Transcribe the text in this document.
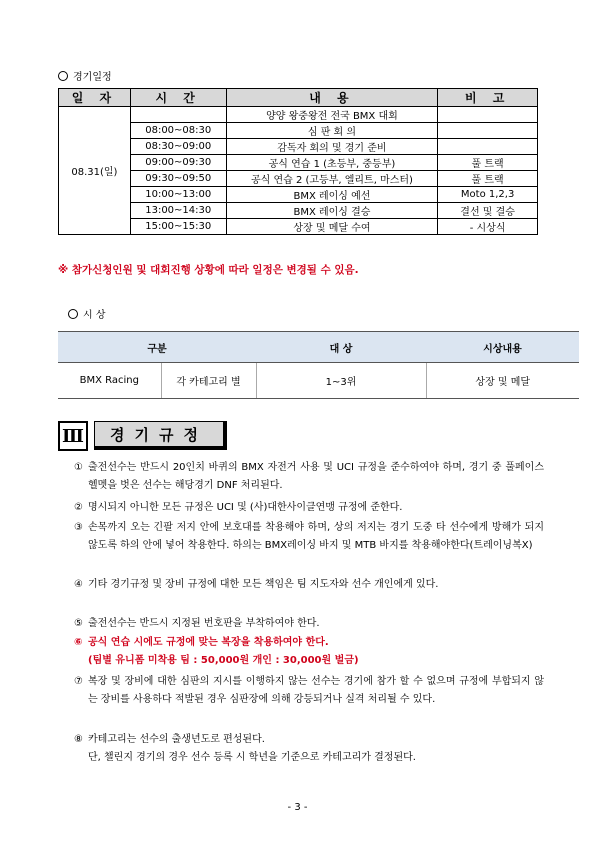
경기일정
일 자	시 간	내 용	비 고
08.31(일)		양양 왕중왕전 전국 BMX 대회	
	08:00~08:30	심 판 회 의	
	08:30~09:00	감독자 회의 및 경기 준비	
	09:00~09:30	공식 연습 1 (초등부, 중등부)	풀 트랙
	09:30~09:50	공식 연습 2 (고등부, 엘리트, 마스터)	풀 트랙
	10:00~13:00	BMX 레이싱 예선	Moto 1,2,3
	13:00~14:30	BMX 레이싱 결승	결선 및 결승
	15:00~15:30	상장 및 메달 수여	- 시상식
※ 참가신청인원 및 대회진행 상황에 따라 일정은 변경될 수 있음.
시 상
구분		대 상	시상내용
BMX Racing	각 카테고리 별	1~3위	상장 및 메달
Ⅲ	경기규정
① 출전선수는 반드시 20인치 바퀴의 BMX 자전거 사용 및 UCI 규정을 준수하여야 하며, 경기 중 풀페이스 헬멧을 벗은 선수는 해당경기 DNF 처리된다.
② 명시되지 아니한 모든 규정은 UCI 및 (사)대한사이클연맹 규정에 준한다.
③ 손목까지 오는 긴팔 저지 안에 보호대를 착용해야 하며, 상의 저지는 경기 도중 타 선수에게 방해가 되지 않도록 하의 안에 넣어 착용한다. 하의는 BMX레이싱 바지 및 MTB 바지를 착용해야한다(트레이닝복X)
④ 기타 경기규정 및 장비 규정에 대한 모든 책임은 팀 지도자와 선수 개인에게 있다.
⑤ 출전선수는 반드시 지정된 번호판을 부착하여야 한다.
⑥ 공식 연습 시에도 규정에 맞는 복장을 착용하여야 한다.
(팀별 유니폼 미착용 팀 : 50,000원 개인 : 30,000원 벌금)
⑦ 복장 및 장비에 대한 심판의 지시를 이행하지 않는 선수는 경기에 참가 할 수 없으며 규정에 부합되지 않는 장비를 사용하다 적발된 경우 심판장에 의해 강등되거나 실격 처리될 수 있다.
⑧ 카테고리는 선수의 출생년도로 편성된다.
단, 챌린지 경기의 경우 선수 등록 시 학년을 기준으로 카테고리가 결정된다.
- 3 -
